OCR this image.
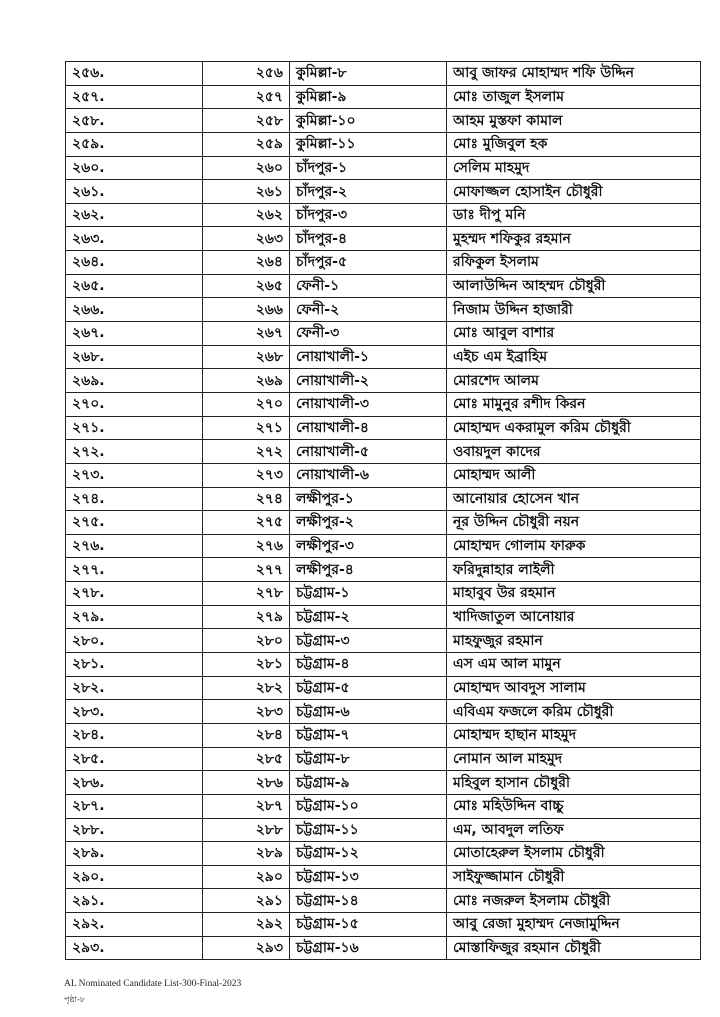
২৫৬.	২৫৬	কুমিল্লা-৮	আবু জাফর মোহাম্মদ শফি উদ্দিন
২৫৭.	২৫৭	কুমিল্লা-৯	মোঃ তাজুল ইসলাম
২৫৮.	২৫৮	কুমিল্লা-১০	আহম মুস্তফা কামাল
২৫৯.	২৫৯	কুমিল্লা-১১	মোঃ মুজিবুল হক
২৬০.	২৬০	চাঁদপুর-১	সেলিম মাহমুদ
২৬১.	২৬১	চাঁদপুর-২	মোফাজ্জল হোসাইন চৌধুরী
২৬২.	২৬২	চাঁদপুর-৩	ডাঃ দীপু মনি
২৬৩.	২৬৩	চাঁদপুর-৪	মুহম্মদ শফিকুর রহমান
২৬৪.	২৬৪	চাঁদপুর-৫	রফিকুল ইসলাম
২৬৫.	২৬৫	ফেনী-১	আলাউদ্দিন আহম্মদ চৌধুরী
২৬৬.	২৬৬	ফেনী-২	নিজাম উদ্দিন হাজারী
২৬৭.	২৬৭	ফেনী-৩	মোঃ আবুল বাশার
২৬৮.	২৬৮	নোয়াখালী-১	এইচ এম ইব্রাহিম
২৬৯.	২৬৯	নোয়াখালী-২	মোরশেদ আলম
২৭০.	২৭০	নোয়াখালী-৩	মোঃ মামুনুর রশীদ কিরন
২৭১.	২৭১	নোয়াখালী-৪	মোহাম্মদ একরামুল করিম চৌধুরী
২৭২.	২৭২	নোয়াখালী-৫	ওবায়দুল কাদের
২৭৩.	২৭৩	নোয়াখালী-৬	মোহাম্মদ আলী
২৭৪.	২৭৪	লক্ষীপুর-১	আনোয়ার হোসেন খান
২৭৫.	২৭৫	লক্ষীপুর-২	নূর উদ্দিন চৌধুরী নয়ন
২৭৬.	২৭৬	লক্ষীপুর-৩	মোহাম্মদ গোলাম ফারুক
২৭৭.	২৭৭	লক্ষীপুর-৪	ফরিদুন্নাহার লাইলী
২৭৮.	২৭৮	চট্টগ্রাম-১	মাহাবুব উর রহমান
২৭৯.	২৭৯	চট্টগ্রাম-২	খাদিজাতুল আনোয়ার
২৮০.	২৮০	চট্টগ্রাম-৩	মাহফুজুর রহমান
২৮১.	২৮১	চট্টগ্রাম-৪	এস এম আল মামুন
২৮২.	২৮২	চট্টগ্রাম-৫	মোহাম্মদ আবদুস সালাম
২৮৩.	২৮৩	চট্টগ্রাম-৬	এবিএম ফজলে করিম চৌধুরী
২৮৪.	২৮৪	চট্টগ্রাম-৭	মোহাম্মদ হাছান মাহমুদ
২৮৫.	২৮৫	চট্টগ্রাম-৮	নোমান আল মাহমুদ
২৮৬.	২৮৬	চট্টগ্রাম-৯	মহিবুল হাসান চৌধুরী
২৮৭.	২৮৭	চট্টগ্রাম-১০	মোঃ মহিউদ্দিন বাচ্চু
২৮৮.	২৮৮	চট্টগ্রাম-১১	এম, আবদুল লতিফ
২৮৯.	২৮৯	চট্টগ্রাম-১২	মোতাহেরুল ইসলাম চৌধুরী
২৯০.	২৯০	চট্টগ্রাম-১৩	সাইফুজ্জামান চৌধুরী
২৯১.	২৯১	চট্টগ্রাম-১৪	মোঃ নজরুল ইসলাম চৌধুরী
২৯২.	২৯২	চট্টগ্রাম-১৫	আবু রেজা মুহাম্মদ নেজামুদ্দিন
২৯৩.	২৯৩	চট্টগ্রাম-১৬	মোস্তাফিজুর রহমান চৌধুরী
AL Nominated Candidate List-300-Final-2023
পৃষ্ঠা-৮
